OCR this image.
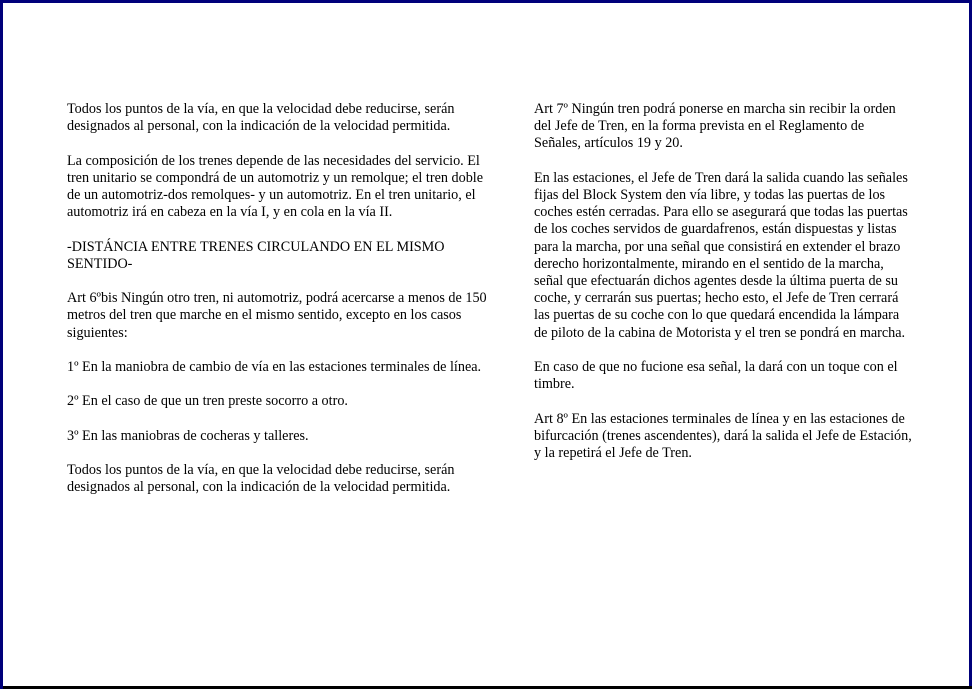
Todos los puntos de la vía, en que la velocidad debe reducirse, serán designados al personal, con la indicación de la velocidad permitida.

La composición de los trenes depende de las necesidades del servicio. El tren unitario se compondrá de un automotriz y un remolque; el tren doble de un automotriz-dos remolques- y un automotriz. En el tren unitario, el automotriz irá en cabeza en la vía I, y en cola en la vía II.

-DISTÁNCIA ENTRE TRENES CIRCULANDO EN EL MISMO SENTIDO-

Art 6ºbis Ningún otro tren, ni automotriz, podrá acercarse a menos de 150 metros del tren que marche en el mismo sentido, excepto en los casos siguientes:

1º En la maniobra de cambio de vía en las estaciones terminales de línea.

2º En el caso de que un tren preste socorro a otro.

3º En las maniobras de cocheras y talleres.

Todos los puntos de la vía, en que la velocidad debe reducirse, serán designados al personal, con la indicación de la velocidad permitida.

Art 7º Ningún tren podrá ponerse en marcha sin recibir la orden del Jefe de Tren, en la forma prevista en el Reglamento de Señales, artículos 19 y 20.

En las estaciones, el Jefe de Tren dará la salida cuando las señales fijas del Block System den vía libre, y todas las puertas de los coches estén cerradas. Para ello se asegurará que todas las puertas de los coches servidos de guardafrenos, están dispuestas y listas para la marcha, por una señal que consistirá en extender el brazo derecho horizontalmente, mirando en el sentido de la marcha, señal que efectuarán dichos agentes desde la última puerta de su coche, y cerrarán sus puertas; hecho esto, el Jefe de Tren cerrará las puertas de su coche con lo que quedará encendida la lámpara de piloto de la cabina de Motorista y el tren se pondrá en marcha.

En caso de que no fucione esa señal, la dará con un toque con el timbre.

Art 8º En las estaciones terminales de línea y en las estaciones de bifurcación (trenes ascendentes), dará la salida el Jefe de Estación, y la repetirá el Jefe de Tren.
